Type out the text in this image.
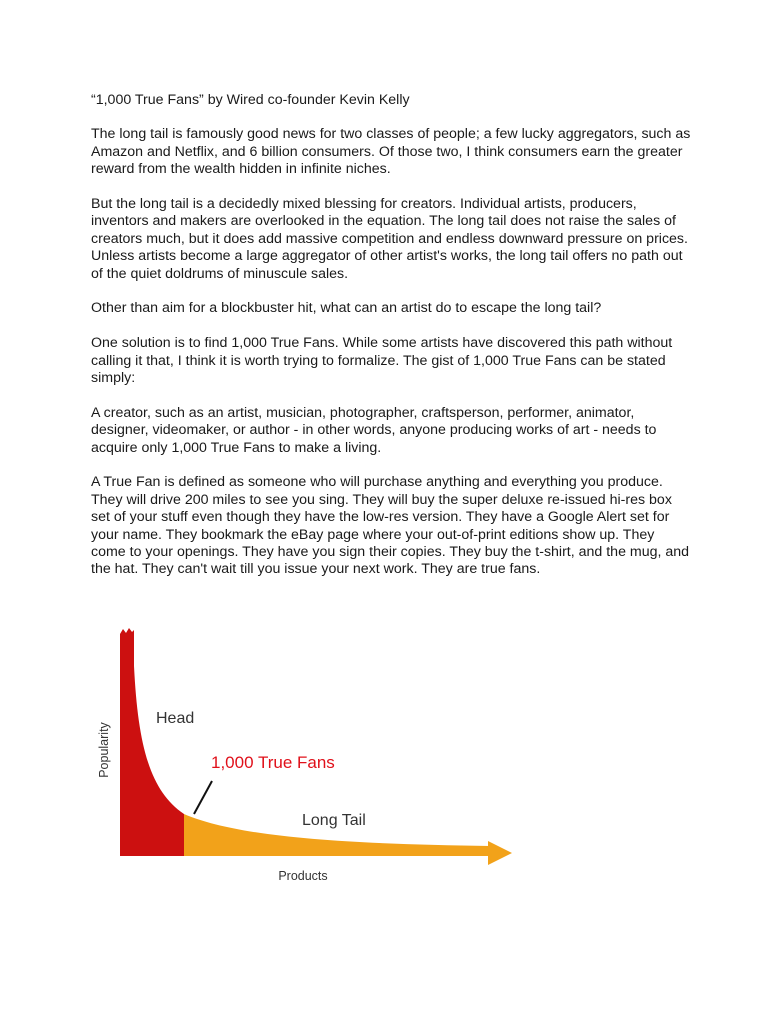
“1,000 True Fans” by Wired co-founder Kevin Kelly

The long tail is famously good news for two classes of people; a few lucky aggregators, such as Amazon and Netflix, and 6 billion consumers. Of those two, I think consumers earn the greater reward from the wealth hidden in infinite niches.

But the long tail is a decidedly mixed blessing for creators. Individual artists, producers, inventors and makers are overlooked in the equation. The long tail does not raise the sales of creators much, but it does add massive competition and endless downward pressure on prices. Unless artists become a large aggregator of other artist's works, the long tail offers no path out of the quiet doldrums of minuscule sales.

Other than aim for a blockbuster hit, what can an artist do to escape the long tail?

One solution is to find 1,000 True Fans. While some artists have discovered this path without calling it that, I think it is worth trying to formalize. The gist of 1,000 True Fans can be stated simply:

A creator, such as an artist, musician, photographer, craftsperson, performer, animator, designer, videomaker, or author - in other words, anyone producing works of art - needs to acquire only 1,000 True Fans to make a living.

A True Fan is defined as someone who will purchase anything and everything you produce. They will drive 200 miles to see you sing. They will buy the super deluxe re-issued hi-res box set of your stuff even though they have the low-res version. They have a Google Alert set for your name. They bookmark the eBay page where your out-of-print editions show up. They come to your openings. They have you sign their copies. They buy the t-shirt, and the mug, and the hat. They can't wait till you issue your next work. They are true fans.

Popularity
Head
1,000 True Fans
Long Tail
Products
